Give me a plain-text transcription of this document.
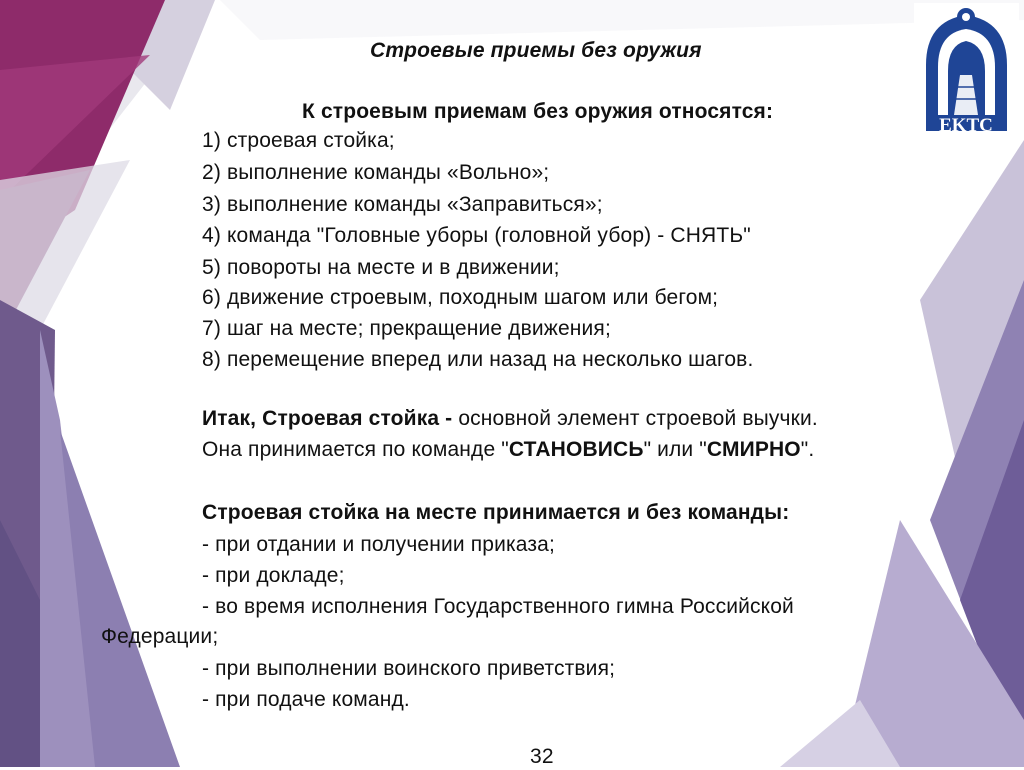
EKTC
Строевые приемы без оружия
К строевым приемам без оружия относятся:
1) строевая стойка;
2) выполнение команды «Вольно»;
3) выполнение команды «Заправиться»;
4) команда "Головные уборы (головной убор) - СНЯТЬ"
5) повороты на месте и в движении;
6) движение строевым, походным шагом или бегом;
7) шаг на месте; прекращение движения;
8) перемещение вперед или назад на несколько шагов.
Итак, Строевая стойка - основной элемент строевой выучки.
Она принимается по команде "СТАНОВИСЬ" или "СМИРНО".
Строевая стойка на месте принимается и без команды:
- при отдании и получении приказа;
- при докладе;
- во время исполнения Государственного гимна Российской
Федерации;
- при выполнении воинского приветствия;
- при подаче команд.
32
